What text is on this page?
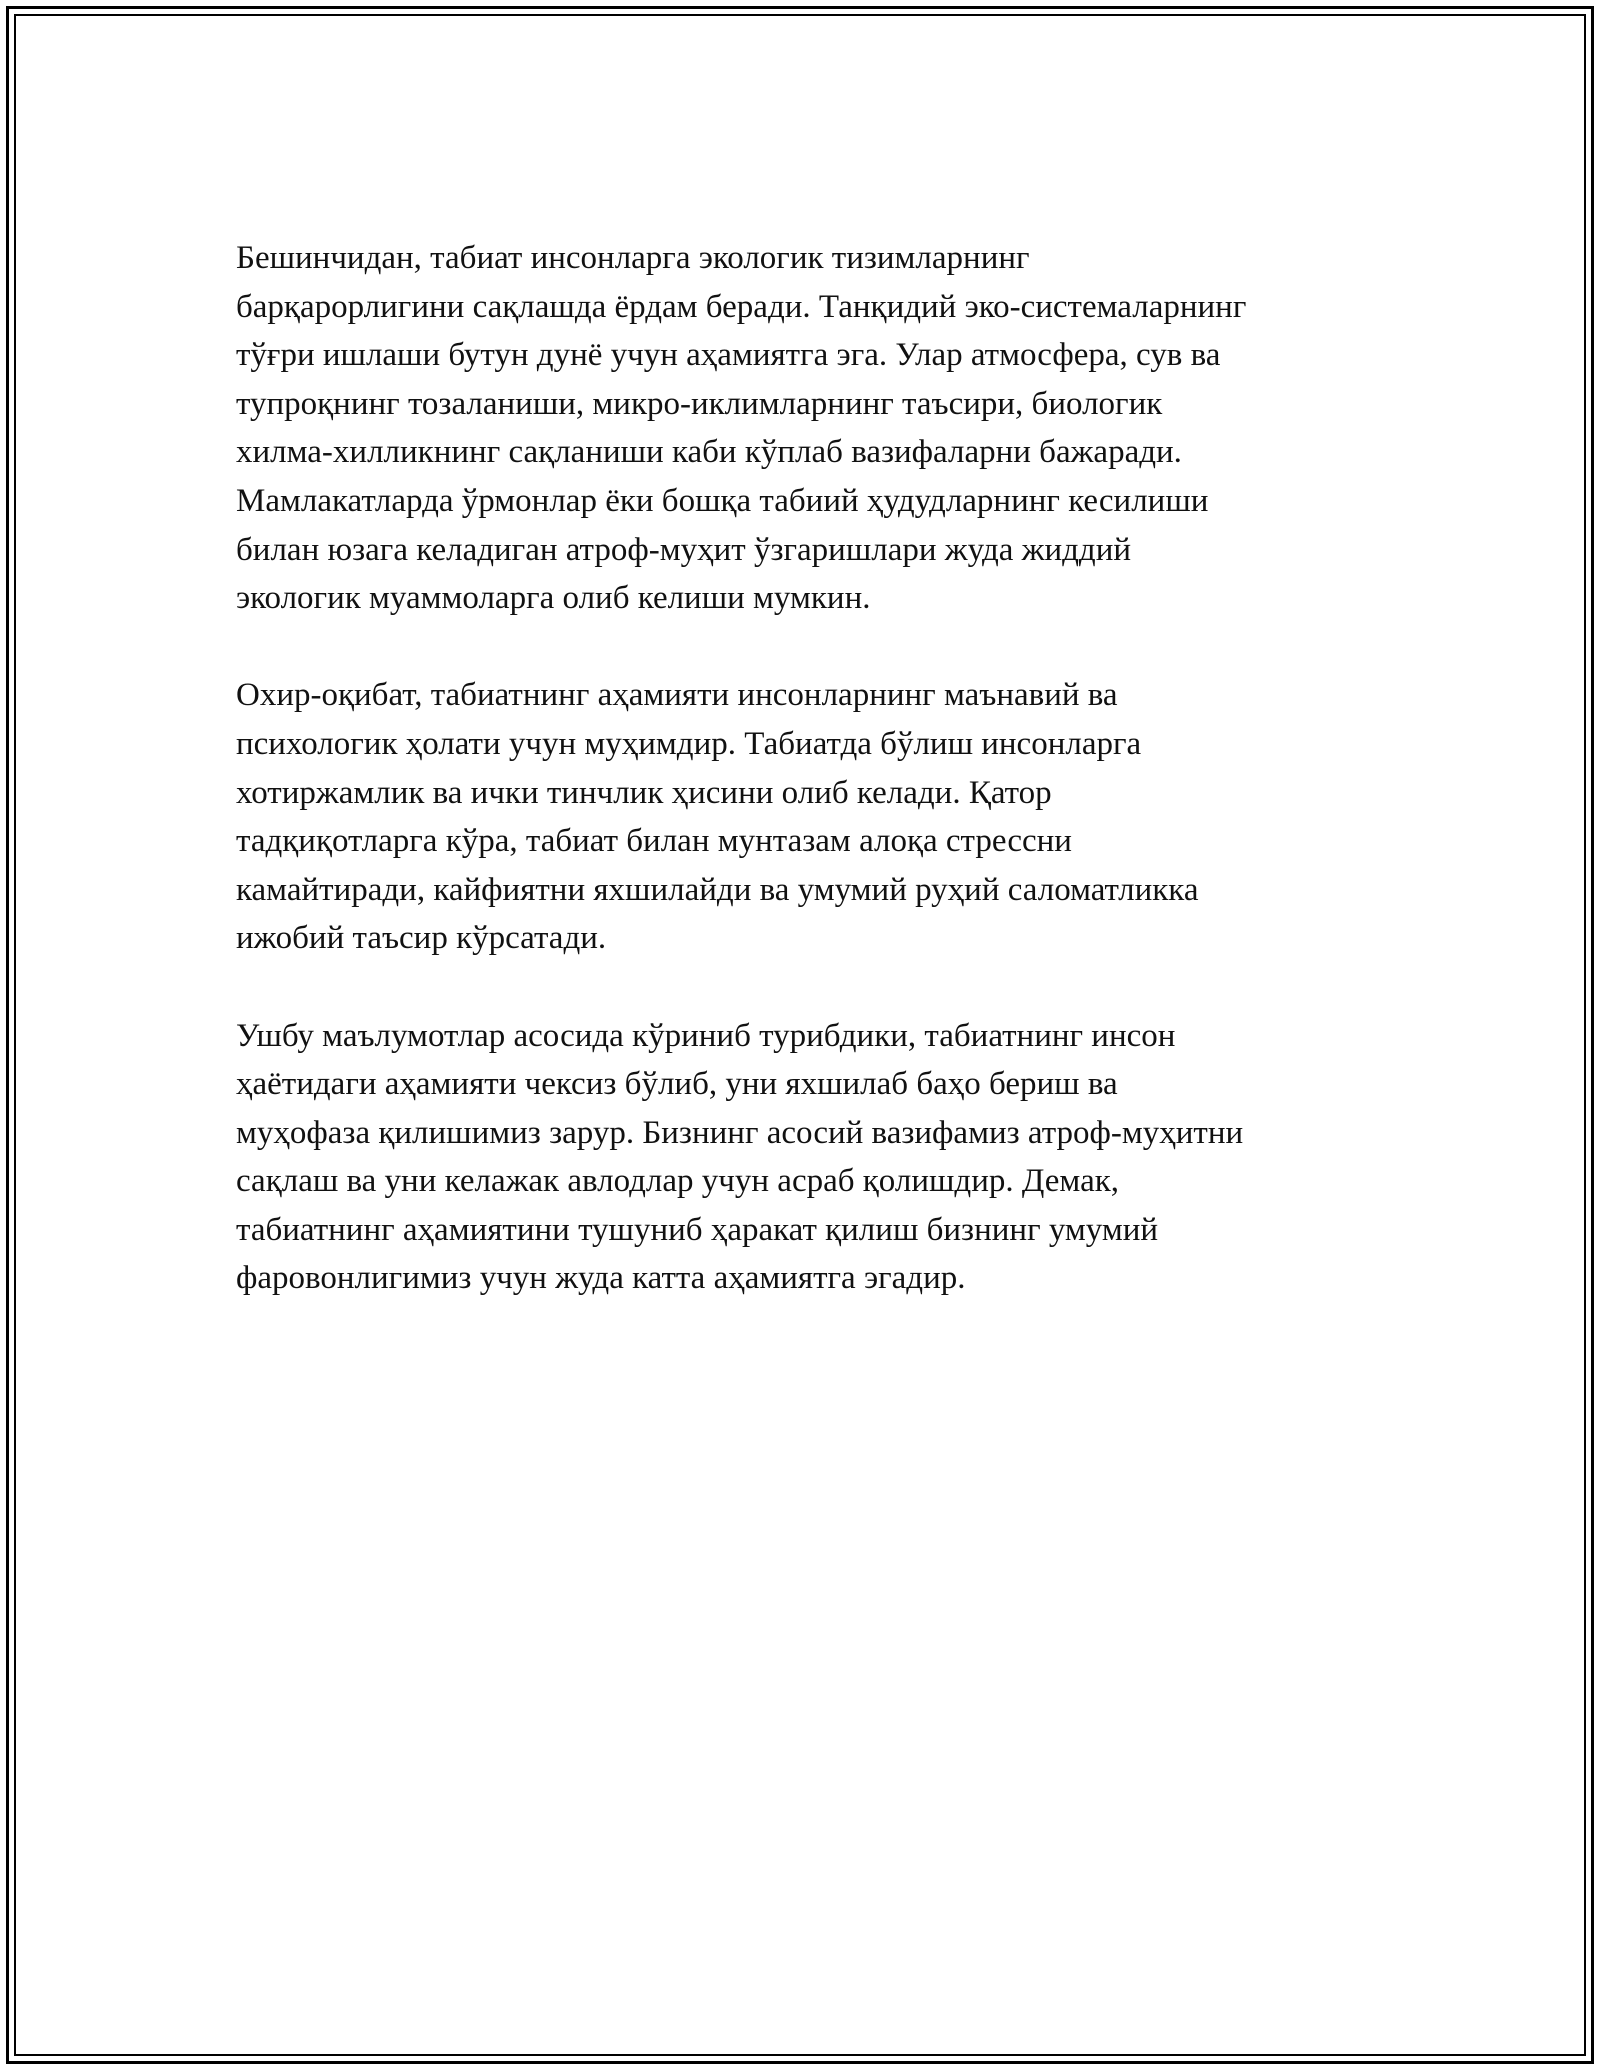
Бешинчидан, табиат инсонларга экологик тизимларнинг
барқарорлигини сақлашда ёрдам беради. Танқидий эко-системаларнинг
тўғри ишлаши бутун дунё учун аҳамиятга эга. Улар атмосфера, сув ва
тупроқнинг тозаланиши, микро-иклимларнинг таъсири, биологик
хилма-хилликнинг сақланиши каби кўплаб вазифаларни бажаради.
Мамлакатларда ўрмонлар ёки бошқа табиий ҳудудларнинг кесилиши
билан юзага келадиган атроф-муҳит ўзгаришлари жуда жиддий
экологик муаммоларга олиб келиши мумкин.

Охир-оқибат, табиатнинг аҳамияти инсонларнинг маънавий ва
психологик ҳолати учун муҳимдир. Табиатда бўлиш инсонларга
хотиржамлик ва ички тинчлик ҳисини олиб келади. Қатор
тадқиқотларга кўра, табиат билан мунтазам алоқа стрессни
камайтиради, кайфиятни яхшилайди ва умумий руҳий саломатликка
ижобий таъсир кўрсатади.

Ушбу маълумотлар асосида кўриниб турибдики, табиатнинг инсон
ҳаётидаги аҳамияти чексиз бўлиб, уни яхшилаб баҳо бериш ва
муҳофаза қилишимиз зарур. Бизнинг асосий вазифамиз атроф-муҳитни
сақлаш ва уни келажак авлодлар учун асраб қолишдир. Демак,
табиатнинг аҳамиятини тушуниб ҳаракат қилиш бизнинг умумий
фаровонлигимиз учун жуда катта аҳамиятга эгадир.
